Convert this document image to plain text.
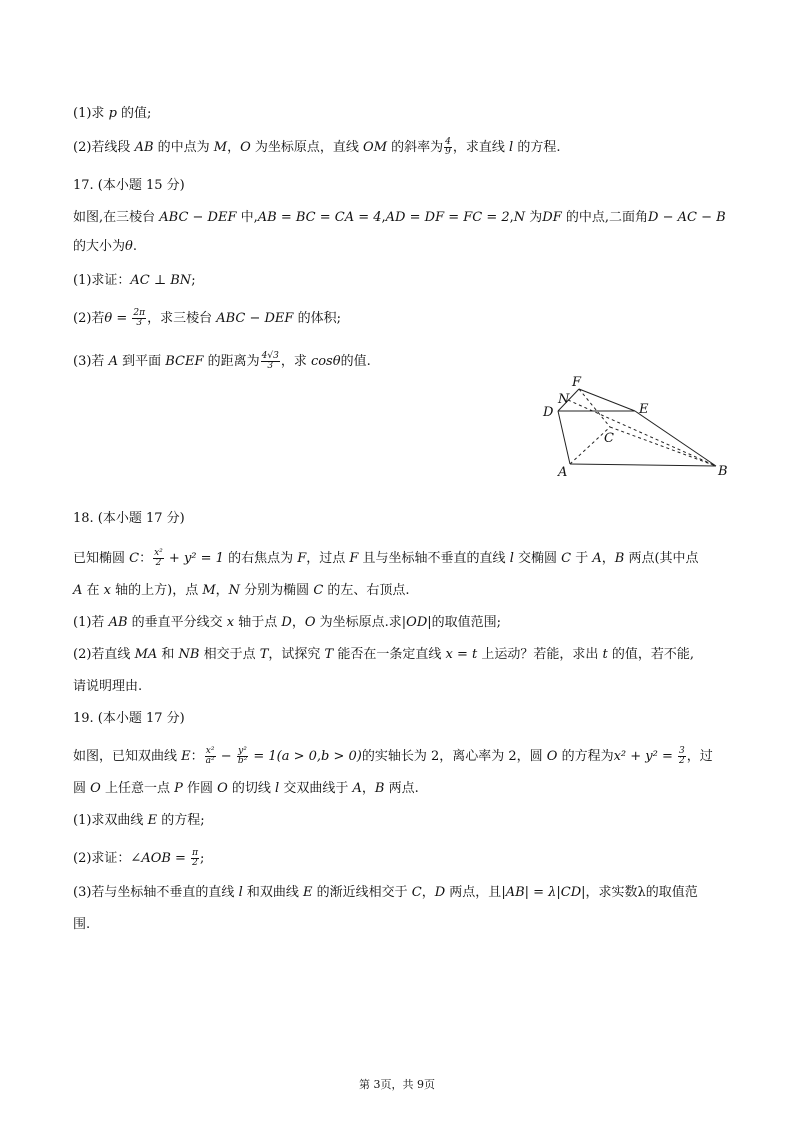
(1)求 p 的值;
(2)若线段 AB 的中点为 M，O 为坐标原点，直线 OM 的斜率为 $\frac{4}{9}$ ，求直线 l 的方程.
17. (本小题 15 分)
如图,在三棱台 ABC − DEF 中,AB = BC = CA = 4,AD = DF = FC = 2,N 为DF 的中点,二面角D − AC − B
的大小为θ.
(1)求证：AC ⊥ BN;
(2)若$\theta = \frac{2\pi}{3}$ ，求三棱台 ABC − DEF 的体积;
(3)若 A 到平面 BCEF 的距离为 $\frac{4√3}{3}$ ，求 cosθ的值.
F
N
D	E
C
A	B
18. (本小题 17 分)
已知椭圆 C： $\frac{\text{x²}}{2} + y^2 = 1$ 的右焦点为 F，过点 F 且与坐标轴不垂直的直线 l 交椭圆 C 于 A，B 两点(其中点
A 在 x 轴的上方)，点 M，N 分别为椭圆 C 的左、右顶点.
(1)若 AB 的垂直平分线交 x 轴于点 D，O 为坐标原点.求|OD|的取值范围;
(2)若直线 MA 和 NB 相交于点 T，试探究 T 能否在一条定直线 x = t 上运动？若能，求出 t 的值，若不能,
请说明理由.
19. (本小题 17 分)
如图，已知双曲线 E： $\frac{\text{x²}}{\text{a²}} - \frac{\text{y²}}{\text{b²}} = 1(a > 0,b > 0)$的实轴长为 2，离心率为 2，圆 O 的方程为$x^2 + y^2 = \frac{3}{2}$ ，过
圆 O 上任意一点 P 作圆 O 的切线 l 交双曲线于 A，B 两点.
(1)求双曲线 E 的方程;
(2)求证：∠AOB = $\frac{\pi}{2}$ ;
(3)若与坐标轴不垂直的直线 l 和双曲线 E 的渐近线相交于 C，D 两点，且|AB| = λ|CD|，求实数λ的取值范
围.
第 3页，共 9页
